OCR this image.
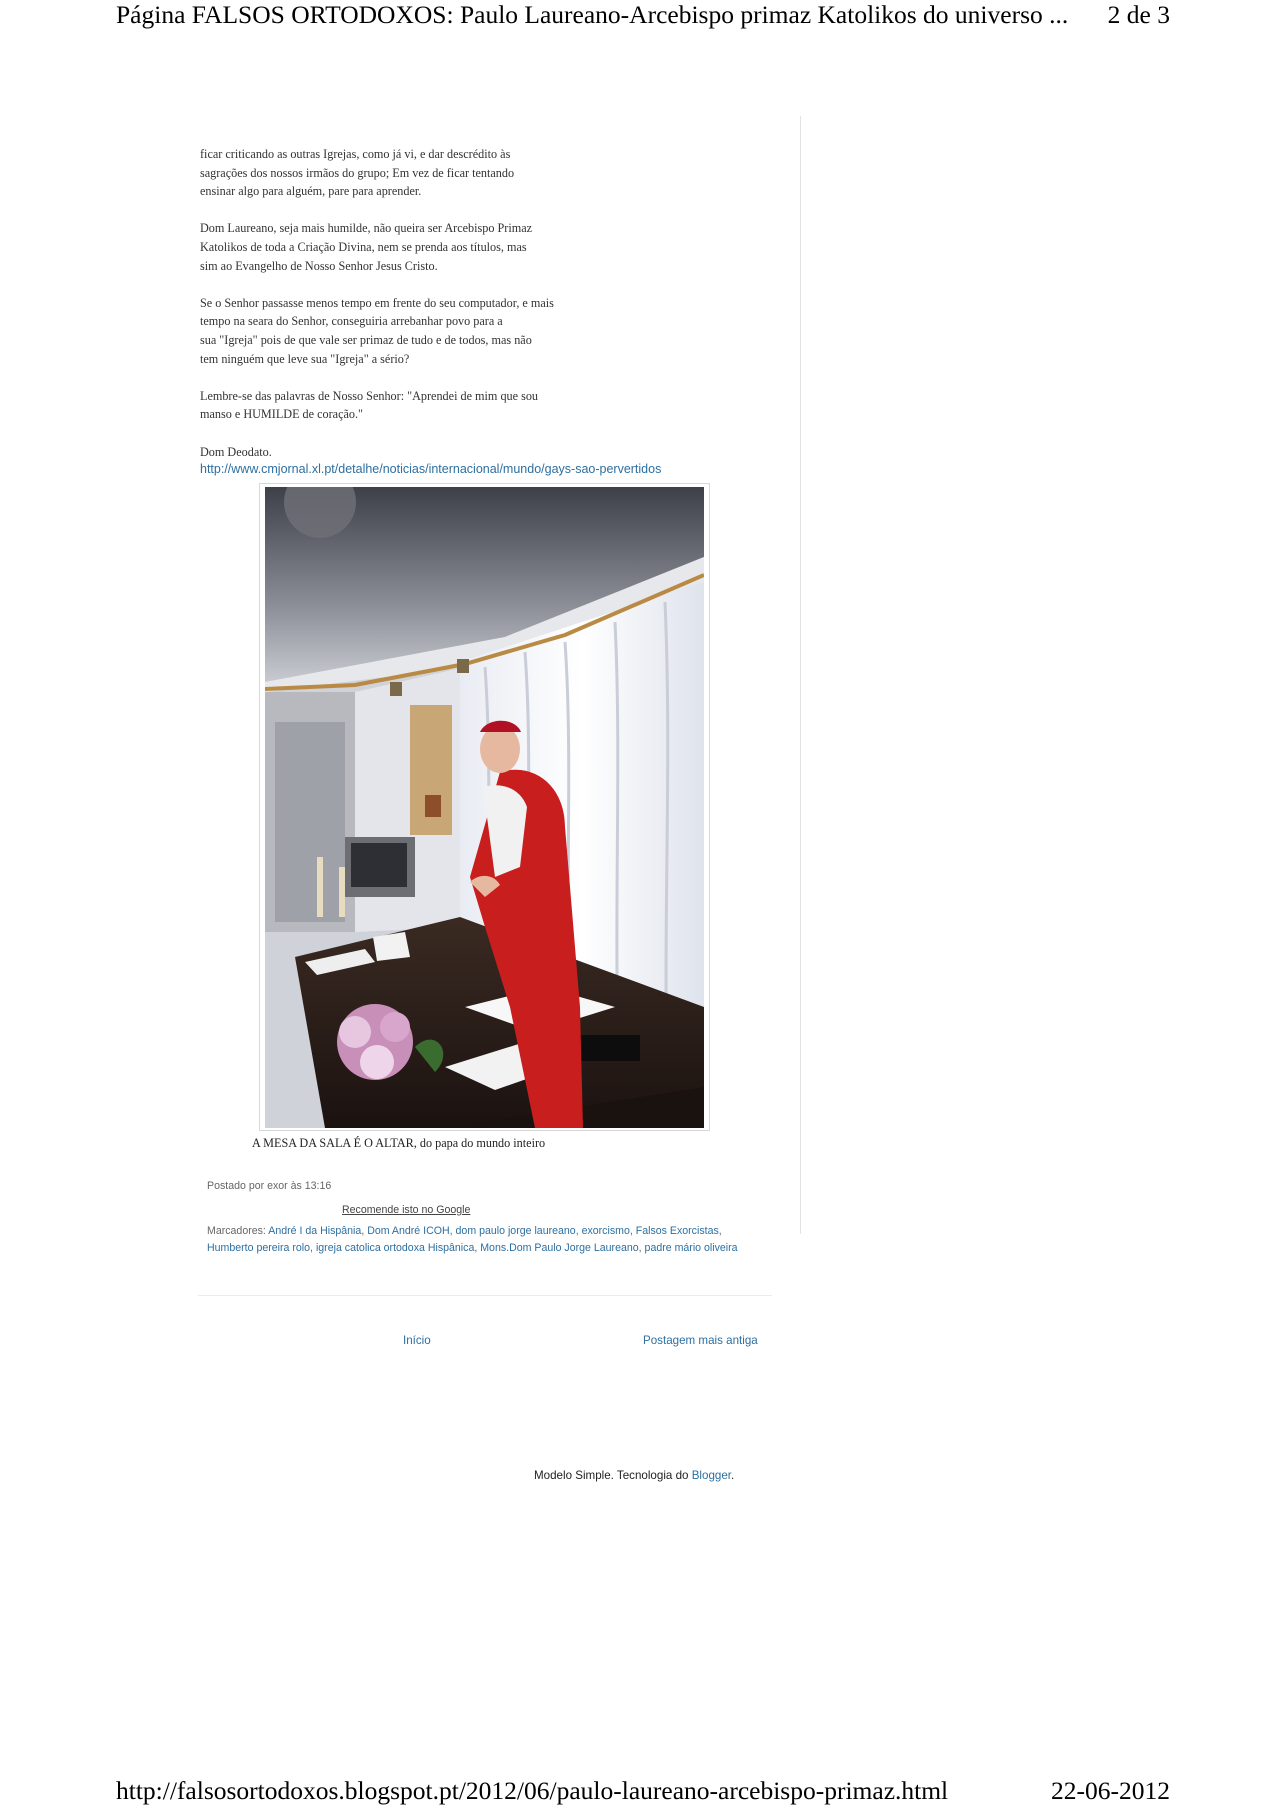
Página FALSOS ORTODOXOS: Paulo Laureano-Arcebispo primaz Katolikos do universo ... 2 de 3

ficar criticando as outras Igrejas, como já vi, e dar descrédito às
sagrações dos nossos irmãos do grupo; Em vez de ficar tentando
ensinar algo para alguém, pare para aprender.

Dom Laureano, seja mais humilde, não queira ser Arcebispo Primaz
Katolikos de toda a Criação Divina, nem se prenda aos títulos, mas
sim ao Evangelho de Nosso Senhor Jesus Cristo.

Se o Senhor passasse menos tempo em frente do seu computador, e mais
tempo na seara do Senhor, conseguiria arrebanhar povo para a
sua "Igreja" pois de que vale ser primaz de tudo e de todos, mas não
tem ninguém que leve sua "Igreja" a sério?

Lembre-se das palavras de Nosso Senhor: "Aprendei de mim que sou
manso e HUMILDE de coração."

Dom Deodato.

http://www.cmjornal.xl.pt/detalhe/noticias/internacional/mundo/gays-sao-pervertidos
A MESA DA SALA É O ALTAR, do papa do mundo inteiro
Postado por exor às 13:16
Recomende isto no Google
Marcadores: André I da Hispânia, Dom André ICOH, dom paulo jorge laureano, exorcismo, Falsos Exorcistas, Humberto pereira rolo, igreja catolica ortodoxa Hispânica, Mons.Dom Paulo Jorge Laureano, padre mário oliveira
Início	Postagem mais antiga
Modelo Simple. Tecnologia do Blogger.
http://falsosortodoxos.blogspot.pt/2012/06/paulo-laureano-arcebispo-primaz.html	22-06-2012
